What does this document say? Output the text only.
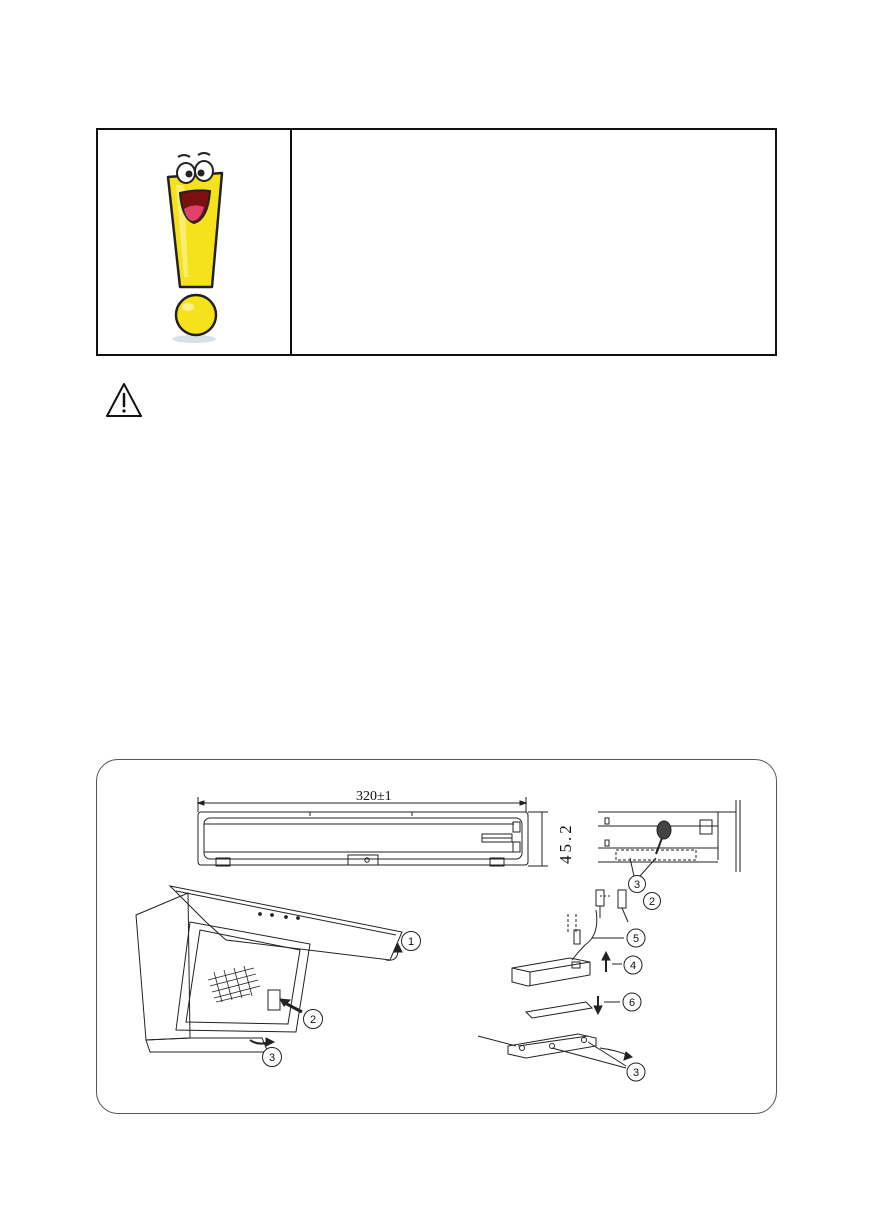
320±1
45.2
1
2
3
3
2
5
4
6
3
